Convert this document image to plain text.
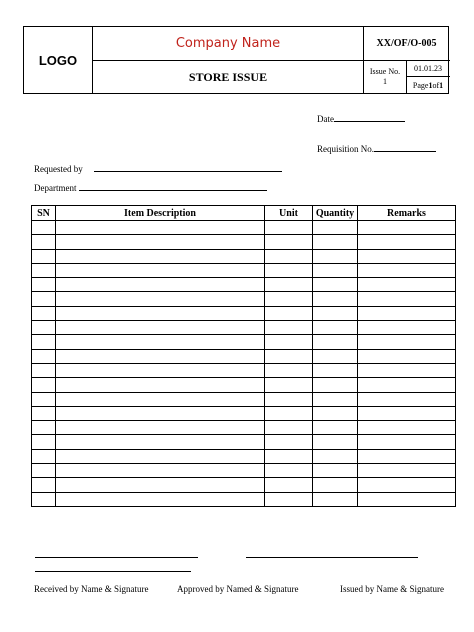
LOGO
Company Name
STORE ISSUE
XX/OF/O-005
Issue No.
1
01.01.23
Page 1 of 1
Date
Requisition No.
Requested by
Department
SN	Item Description	Unit	Quantity	Remarks

Received by Name & Signature	Approved by Named & Signature	Issued by Name & Signature
